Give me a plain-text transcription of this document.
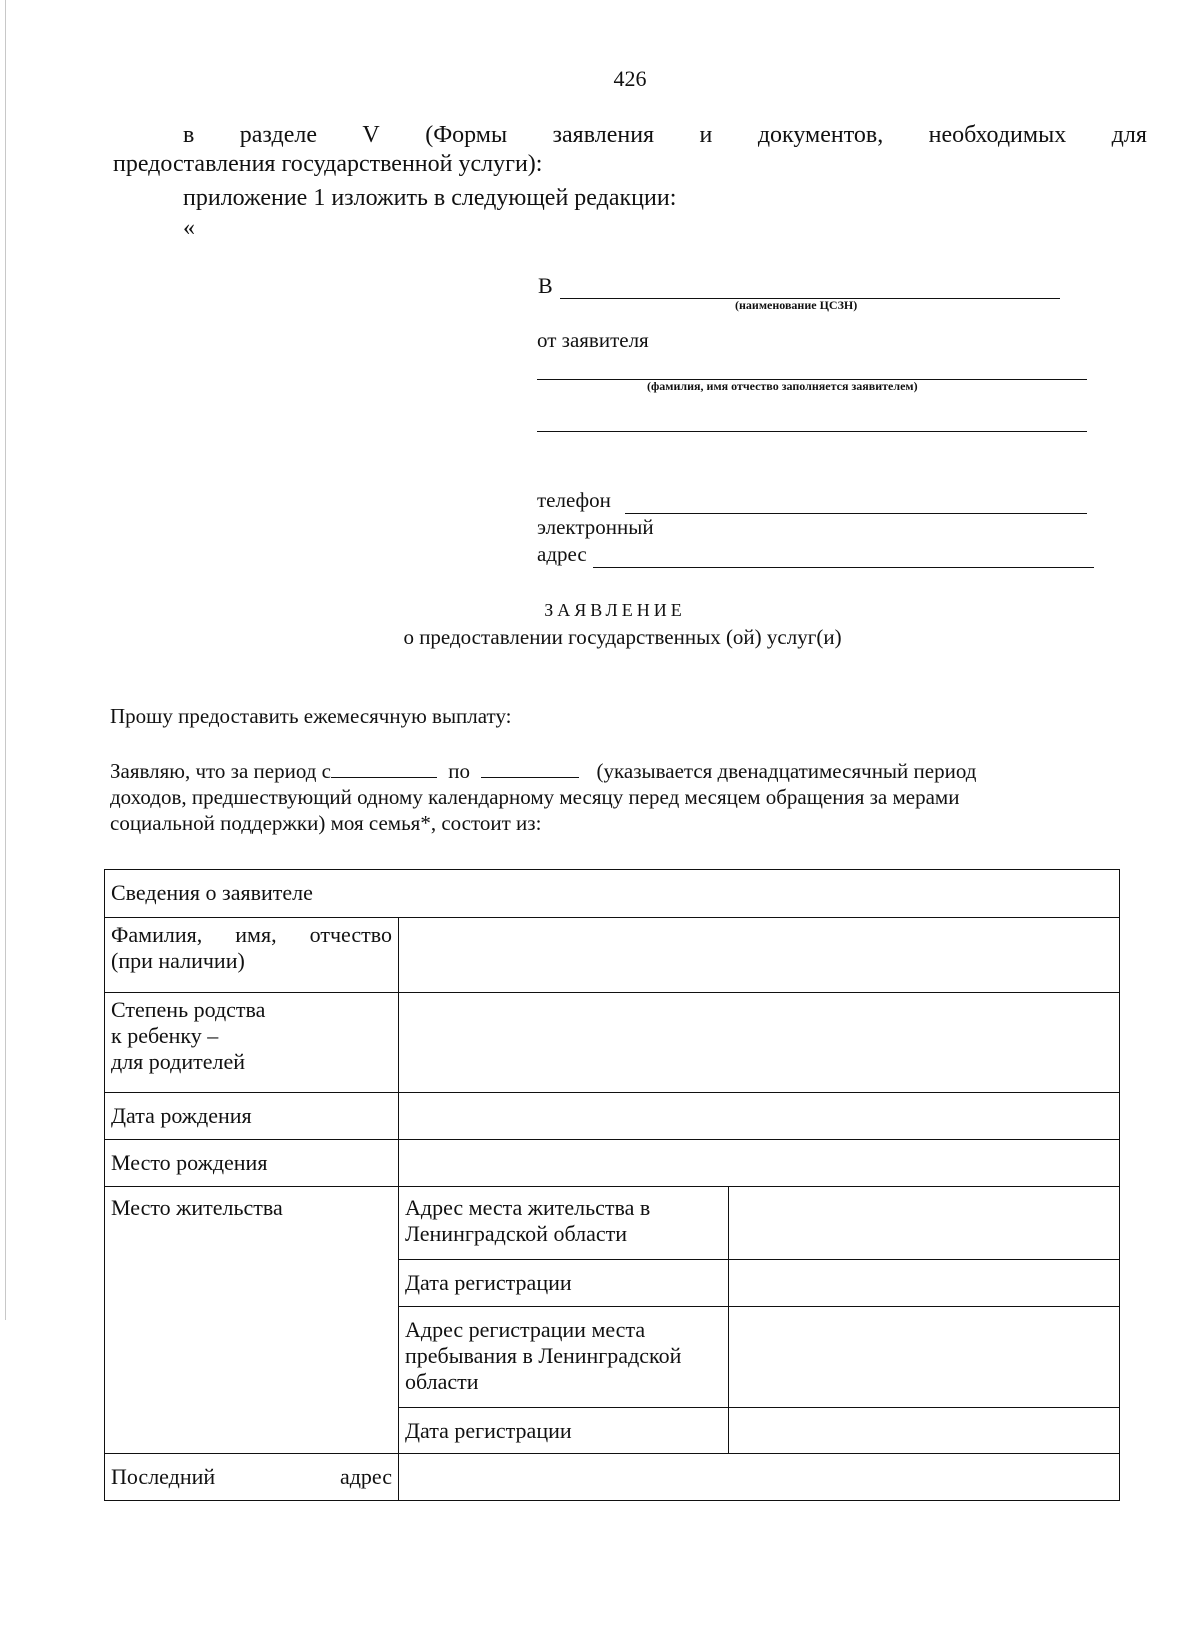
426
в разделе V (Формы заявления и документов, необходимых для
предоставления государственной услуги):
приложение 1 изложить в следующей редакции:
«
В
(наименование ЦСЗН)
от заявителя
(фамилия, имя отчество заполняется заявителем)
телефон
электронный
адрес
ЗАЯВЛЕНИЕ
о предоставлении государственных (ой) услуг(и)
Прошу предоставить ежемесячную выплату:
Заявляю, что за период с	по	(указывается двенадцатимесячный период
доходов, предшествующий одному календарному месяцу перед месяцем обращения за мерами
социальной поддержки) моя семья*, состоит из:
Сведения о заявителе		

Фамилия, имя, отчество
(при наличии)		

Степень родства
к ребенку –
для родителей		

Дата рождения		
Место рождения		
Место жительства	Адрес места жительства в Ленинградской области	
	Дата регистрации	
	Адрес регистрации места пребывания в Ленинградской области	
	Дата регистрации	

Последний адрес		
